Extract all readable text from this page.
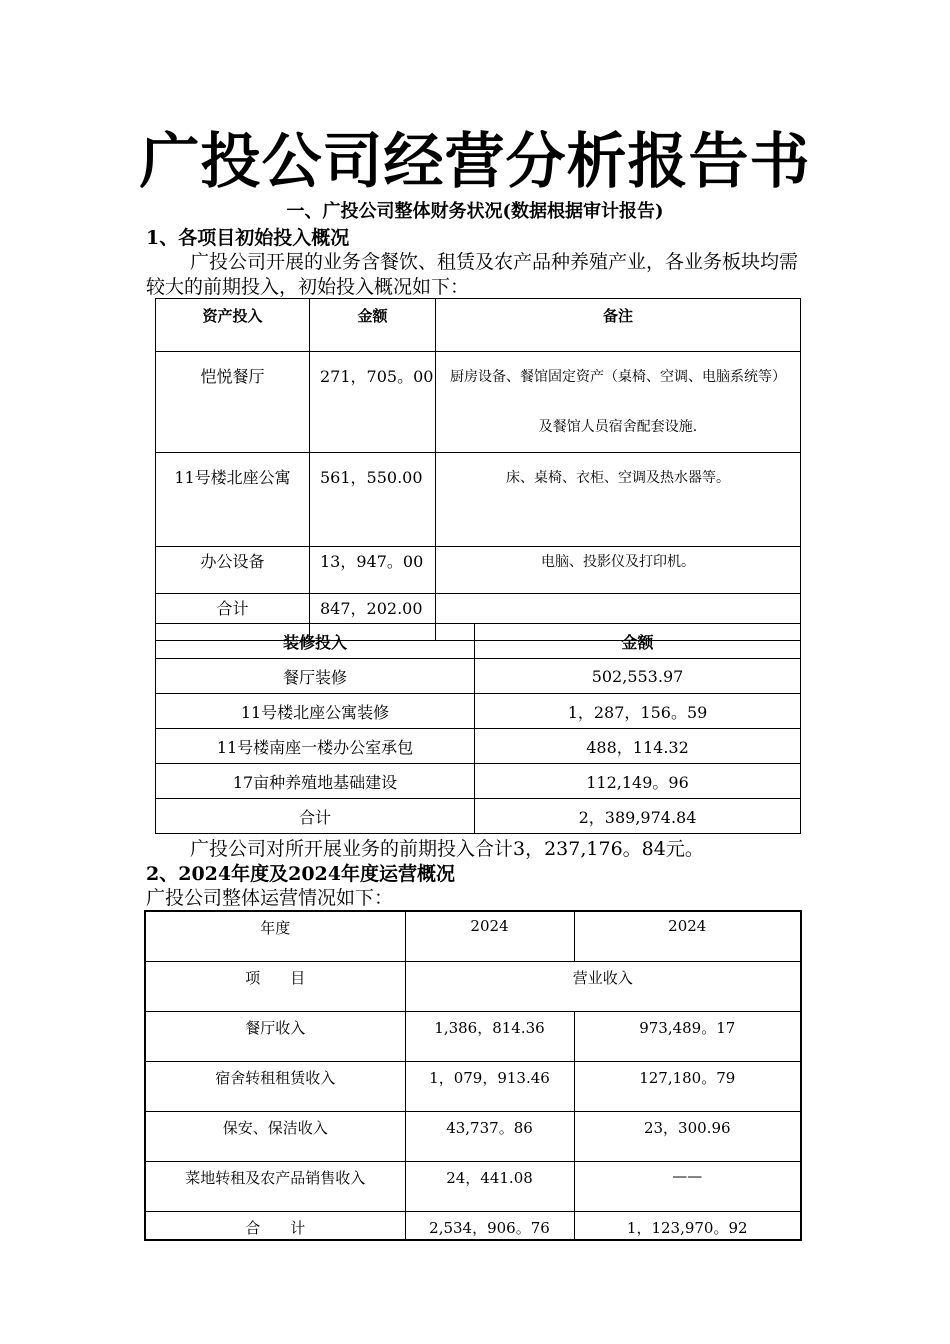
广投公司经营分析报告书
一、广投公司整体财务状况(数据根据审计报告)
1、各项目初始投入概况
广投公司开展的业务含餐饮、租赁及农产品种养殖产业，各业务板块均需较大的前期投入，初始投入概况如下：
资产投入	金额	备注
恺悦餐厅	271，705。00	厨房设备、餐馆固定资产（桌椅、空调、电脑系统等）及餐馆人员宿舍配套设施.
11号楼北座公寓	561，550.00	床、桌椅、衣柜、空调及热水器等。
办公设备	13，947。00	电脑、投影仪及打印机。
合计	847，202.00	
装修投入	金额
餐厅装修	502,553.97
11号楼北座公寓装修	1，287，156。59
11号楼南座一楼办公室承包	488，114.32
17亩种养殖地基础建设	112,149。96
合计	2，389,974.84
广投公司对所开展业务的前期投入合计3，237,176。84元。
2、2024年度及2024年度运营概况
广投公司整体运营情况如下：
年度	2024	2024
项　　目	营业收入	
餐厅收入	1,386，814.36	973,489。17
宿舍转租租赁收入	1，079，913.46	127,180。79
保安、保洁收入	43,737。86	23，300.96
菜地转租及农产品销售收入	24，441.08	——
合　　计	2,534，906。76	1，123,970。92
